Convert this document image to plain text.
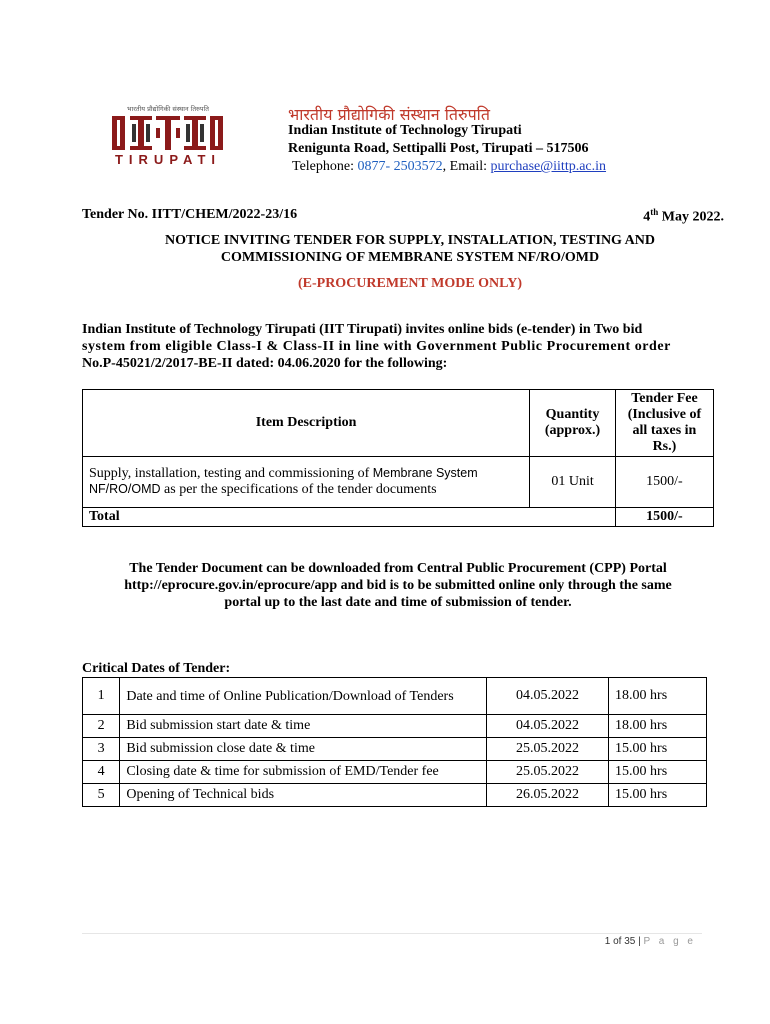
भारतीय प्रौद्योगिकी संस्थान तिरुपति
TIRUPATI
भारतीय प्रौद्योगिकी संस्थान तिरुपति
Indian Institute of Technology Tirupati
Renigunta Road, Settipalli Post, Tirupati – 517506
Telephone: 0877- 2503572, Email: purchase@iittp.ac.in
Tender No. IITT/CHEM/2022-23/16	4th May 2022.
NOTICE INVITING TENDER FOR SUPPLY, INSTALLATION, TESTING AND
COMMISSIONING OF MEMBRANE SYSTEM NF/RO/OMD
(E-PROCUREMENT MODE ONLY)
Indian Institute of Technology Tirupati (IIT Tirupati) invites online bids (e-tender) in Two bid
system from eligible Class-I & Class-II in line with Government Public Procurement order
No.P-45021/2/2017-BE-II dated: 04.06.2020 for the following:
Item Description	Quantity (approx.)	Tender Fee (Inclusive of all taxes in Rs.)
Supply, installation, testing and commissioning of Membrane System NF/RO/OMD as per the specifications of the tender documents	01 Unit	1500/-
Total		1500/-
The Tender Document can be downloaded from Central Public Procurement (CPP) Portal
http://eprocure.gov.in/eprocure/app and bid is to be submitted online only through the same
portal up to the last date and time of submission of tender.
Critical Dates of Tender:
1	Date and time of Online Publication/Download of Tenders	04.05.2022	18.00 hrs
2	Bid submission start date & time	04.05.2022	18.00 hrs
3	Bid submission close date & time	25.05.2022	15.00 hrs
4	Closing date & time for submission of EMD/Tender fee	25.05.2022	15.00 hrs
5	Opening of Technical bids	26.05.2022	15.00 hrs
1 of 35 | P a g e
